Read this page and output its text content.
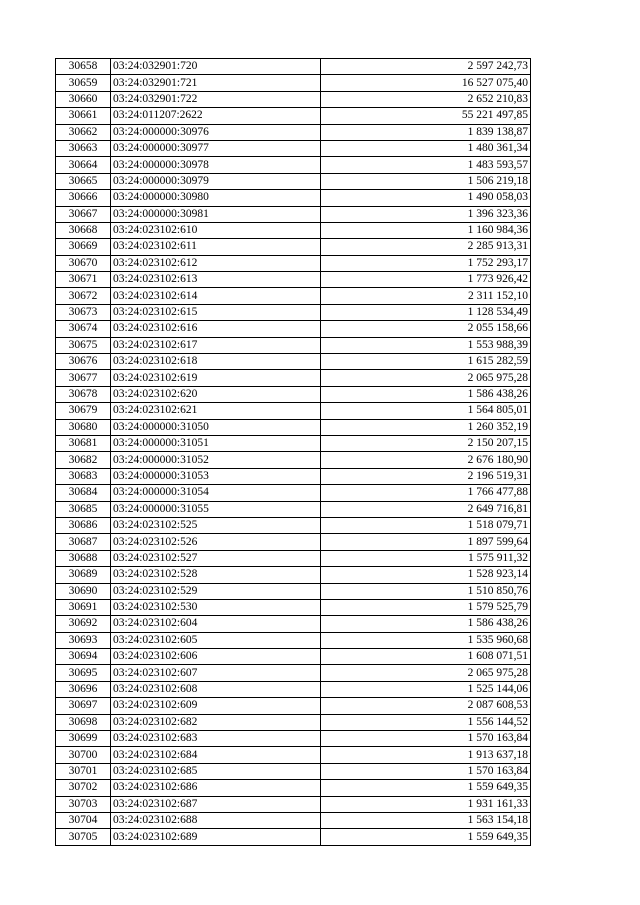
30658	03:24:032901:720	2 597 242,73
30659	03:24:032901:721	16 527 075,40
30660	03:24:032901:722	2 652 210,83
30661	03:24:011207:2622	55 221 497,85
30662	03:24:000000:30976	1 839 138,87
30663	03:24:000000:30977	1 480 361,34
30664	03:24:000000:30978	1 483 593,57
30665	03:24:000000:30979	1 506 219,18
30666	03:24:000000:30980	1 490 058,03
30667	03:24:000000:30981	1 396 323,36
30668	03:24:023102:610	1 160 984,36
30669	03:24:023102:611	2 285 913,31
30670	03:24:023102:612	1 752 293,17
30671	03:24:023102:613	1 773 926,42
30672	03:24:023102:614	2 311 152,10
30673	03:24:023102:615	1 128 534,49
30674	03:24:023102:616	2 055 158,66
30675	03:24:023102:617	1 553 988,39
30676	03:24:023102:618	1 615 282,59
30677	03:24:023102:619	2 065 975,28
30678	03:24:023102:620	1 586 438,26
30679	03:24:023102:621	1 564 805,01
30680	03:24:000000:31050	1 260 352,19
30681	03:24:000000:31051	2 150 207,15
30682	03:24:000000:31052	2 676 180,90
30683	03:24:000000:31053	2 196 519,31
30684	03:24:000000:31054	1 766 477,88
30685	03:24:000000:31055	2 649 716,81
30686	03:24:023102:525	1 518 079,71
30687	03:24:023102:526	1 897 599,64
30688	03:24:023102:527	1 575 911,32
30689	03:24:023102:528	1 528 923,14
30690	03:24:023102:529	1 510 850,76
30691	03:24:023102:530	1 579 525,79
30692	03:24:023102:604	1 586 438,26
30693	03:24:023102:605	1 535 960,68
30694	03:24:023102:606	1 608 071,51
30695	03:24:023102:607	2 065 975,28
30696	03:24:023102:608	1 525 144,06
30697	03:24:023102:609	2 087 608,53
30698	03:24:023102:682	1 556 144,52
30699	03:24:023102:683	1 570 163,84
30700	03:24:023102:684	1 913 637,18
30701	03:24:023102:685	1 570 163,84
30702	03:24:023102:686	1 559 649,35
30703	03:24:023102:687	1 931 161,33
30704	03:24:023102:688	1 563 154,18
30705	03:24:023102:689	1 559 649,35
